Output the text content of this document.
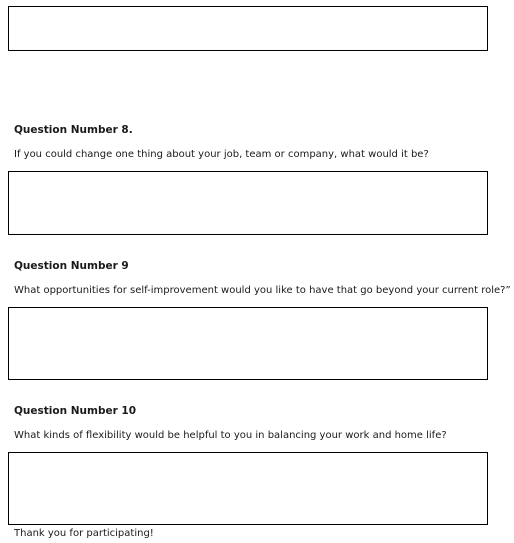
Question Number 8.
If you could change one thing about your job, team or company, what would it be?
Question Number 9
What opportunities for self-improvement would you like to have that go beyond your current role?”
Question Number 10
What kinds of flexibility would be helpful to you in balancing your work and home life?
Thank you for participating!
